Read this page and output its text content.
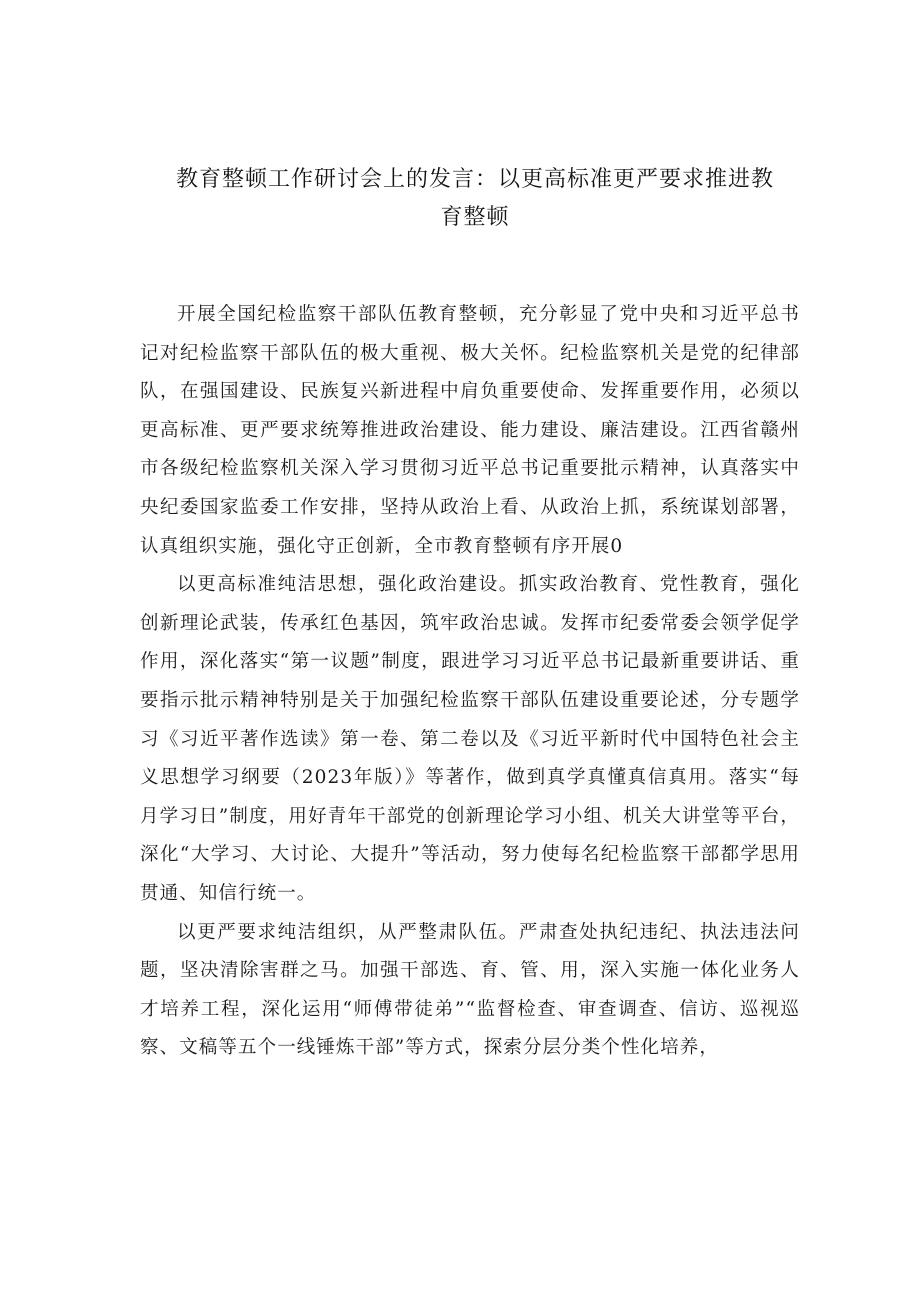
教育整顿工作研讨会上的发言：以更高标准更严要求推进教
育整顿

开展全国纪检监察干部队伍教育整顿，充分彰显了党中央和习近平总书记对纪检监察干部队伍的极大重视、极大关怀。纪检监察机关是党的纪律部队，在强国建设、民族复兴新进程中肩负重要使命、发挥重要作用，必须以更高标准、更严要求统筹推进政治建设、能力建设、廉洁建设。江西省赣州市各级纪检监察机关深入学习贯彻习近平总书记重要批示精神，认真落实中央纪委国家监委工作安排，坚持从政治上看、从政治上抓，系统谋划部署，认真组织实施，强化守正创新，全市教育整顿有序开展0

以更高标准纯洁思想，强化政治建设。抓实政治教育、党性教育，强化创新理论武装，传承红色基因，筑牢政治忠诚。发挥市纪委常委会领学促学作用，深化落实“第一议题”制度，跟进学习习近平总书记最新重要讲话、重要指示批示精神特别是关于加强纪检监察干部队伍建设重要论述，分专题学习《习近平著作选读》第一卷、第二卷以及《习近平新时代中国特色社会主义思想学习纲要（2023年版）》等著作，做到真学真懂真信真用。落实“每月学习日”制度，用好青年干部党的创新理论学习小组、机关大讲堂等平台，深化“大学习、大讨论、大提升”等活动，努力使每名纪检监察干部都学思用贯通、知信行统一。

以更严要求纯洁组织，从严整肃队伍。严肃查处执纪违纪、执法违法问题，坚决清除害群之马。加强干部选、育、管、用，深入实施一体化业务人才培养工程，深化运用“师傅带徒弟”“监督检查、审查调查、信访、巡视巡察、文稿等五个一线锤炼干部”等方式，探索分层分类个性化培养，
